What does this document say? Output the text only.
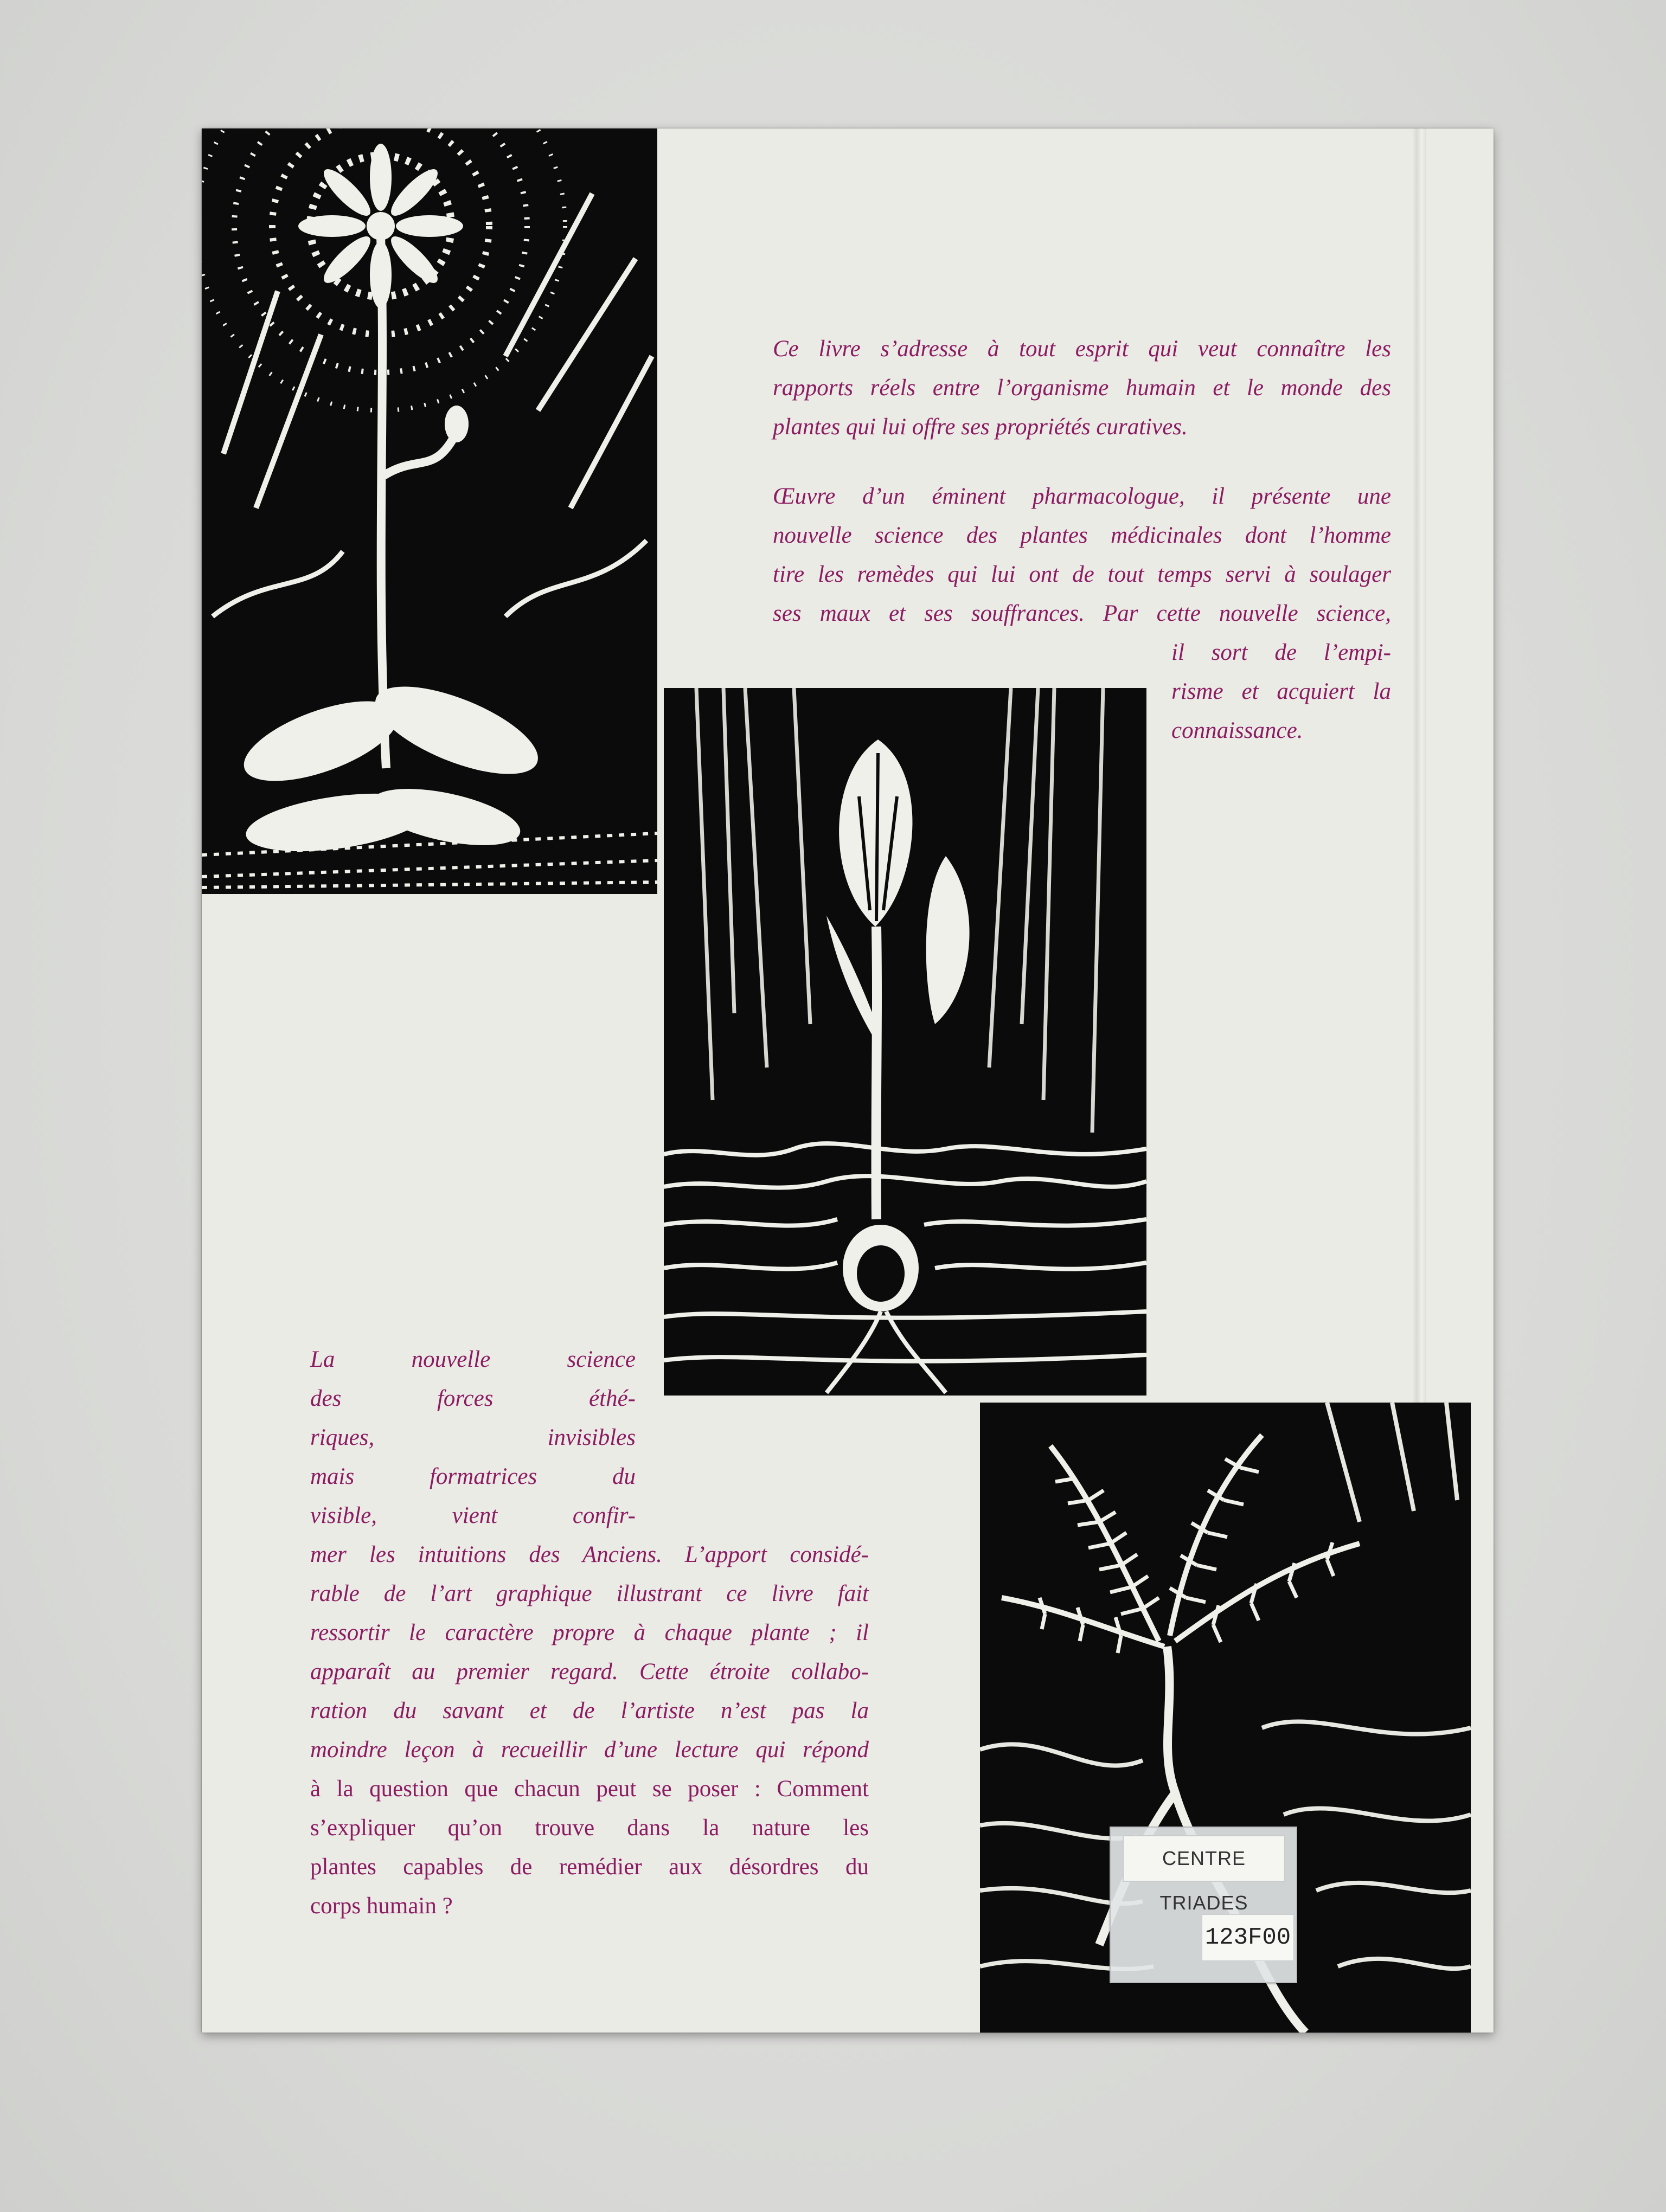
Ce livre s’adresse à tout esprit qui veut connaître les
rapports réels entre l’organisme humain et le monde des
plantes qui lui offre ses propriétés curatives.
Œuvre d’un éminent pharmacologue, il présente une
nouvelle science des plantes médicinales dont l’homme
tire les remèdes qui lui ont de tout temps servi à soulager
ses maux et ses souffrances. Par cette nouvelle science,
il sort de l’empi-
risme et acquiert la
connaissance.
La nouvelle science
des forces éthé-
riques, invisibles
mais formatrices du
visible, vient confir-
mer les intuitions des Anciens. L’apport considé-
rable de l’art graphique illustrant ce livre fait
ressortir le caractère propre à chaque plante ; il
apparaît au premier regard. Cette étroite collabo-
ration du savant et de l’artiste n’est pas la
moindre leçon à recueillir d’une lecture qui répond
à la question que chacun peut se poser : Comment
s’expliquer qu’on trouve dans la nature les
plantes capables de remédier aux désordres du
corps humain ?
CENTRE TRIADES
123F00
